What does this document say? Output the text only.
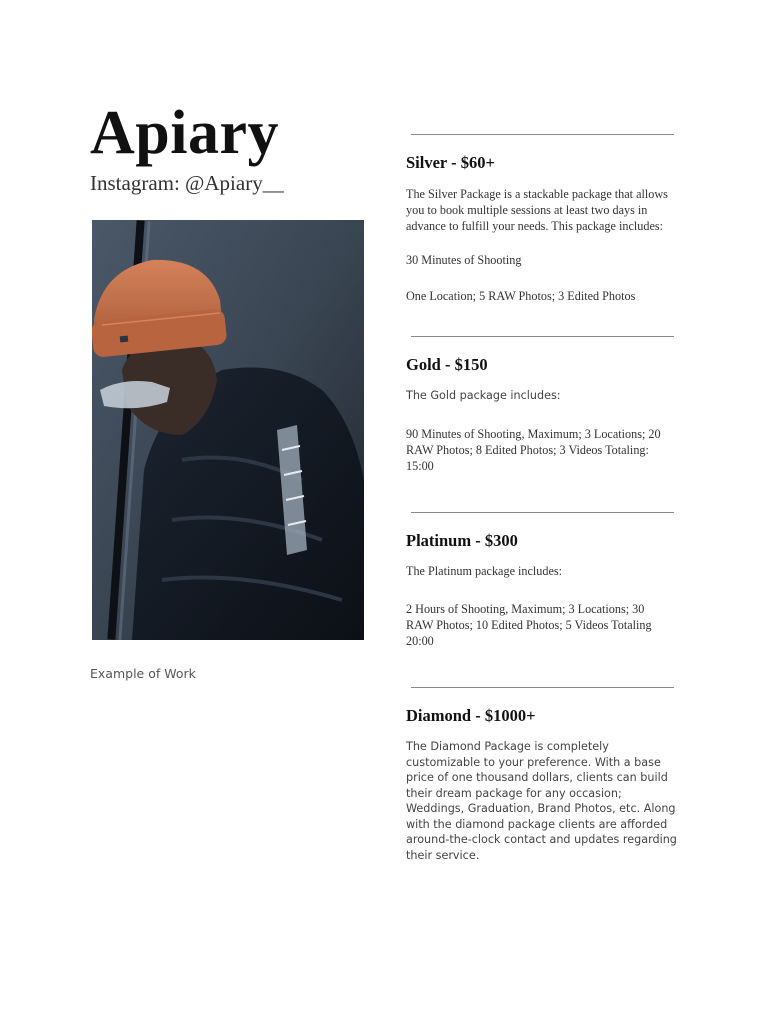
Apiary
Instagram: @Apiary__
Example of Work
Silver - $60+
The Silver Package is a stackable package that allows you to book multiple sessions at least two days in advance to fulfill your needs. This package includes:
30 Minutes of Shooting
One Location; 5 RAW Photos; 3 Edited Photos
Gold - $150
The Gold package includes:
90 Minutes of Shooting, Maximum; 3 Locations; 20 RAW Photos; 8 Edited Photos; 3 Videos Totaling: 15:00
Platinum - $300
The Platinum package includes:
2 Hours of Shooting, Maximum; 3 Locations; 30 RAW Photos; 10 Edited Photos; 5 Videos Totaling 20:00
Diamond - $1000+
The Diamond Package is completely customizable to your preference. With a base price of one thousand dollars, clients can build their dream package for any occasion; Weddings, Graduation, Brand Photos, etc. Along with the diamond package clients are afforded around-the-clock contact and updates regarding their service.
